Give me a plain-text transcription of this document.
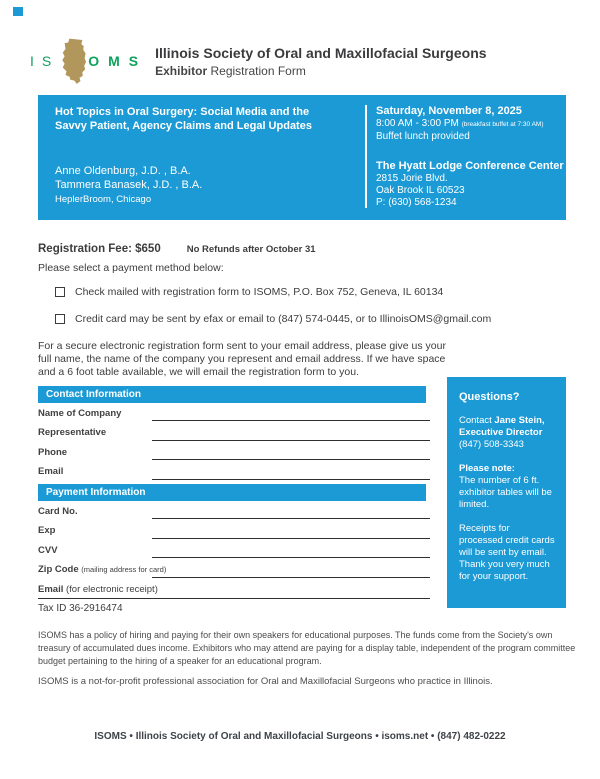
IS OMS
Illinois Society of Oral and Maxillofacial Surgeons
Exhibitor Registration Form
Hot Topics in Oral Surgery: Social Media and the
Savvy Patient, Agency Claims and Legal Updates
Anne Oldenburg, J.D. , B.A.
Tammera Banasek, J.D. , B.A.
HeplerBroom, Chicago
Saturday, November 8, 2025
8:00 AM - 3:00 PM (breakfast buffet at 7:30 AM)
Buffet lunch provided
The Hyatt Lodge Conference Center
2815 Jorie Blvd.
Oak Brook IL 60523
P: (630) 568-1234
Registration Fee: $650	No Refunds after October 31
Please select a payment method below:
Check mailed with registration form to ISOMS, P.O. Box 752, Geneva, IL 60134
Credit card may be sent by efax or email to (847) 574-0445, or to IllinoisOMS@gmail.com
For a secure electronic registration form sent to your email address, please give us your
full name, the name of the company you represent and email address. If we have space
and a 6 foot table available, we will email the registration form to you.
Contact Information
Name of Company
Representative
Phone
Email
Payment Information
Card No.
Exp
CVV
Zip Code (mailing address for card)
Email (for electronic receipt)
Tax ID 36-2916474
Questions?
Contact Jane Stein, Executive Director
(847) 508-3343
Please note:
The number of 6 ft. exhibitor tables will be limited.
Receipts for processed credit cards will be sent by email. Thank you very much for your support.
ISOMS has a policy of hiring and paying for their own speakers for educational purposes. The funds come from the Society's own treasury of accumulated dues income. Exhibitors who may attend are paying for a display table, independent of the program committee budget pertaining to the hiring of a speaker for an educational program.
ISOMS is a not-for-profit professional association for Oral and Maxillofacial Surgeons who practice in Illinois.
ISOMS • Illinois Society of Oral and Maxillofacial Surgeons • isoms.net • (847) 482-0222
